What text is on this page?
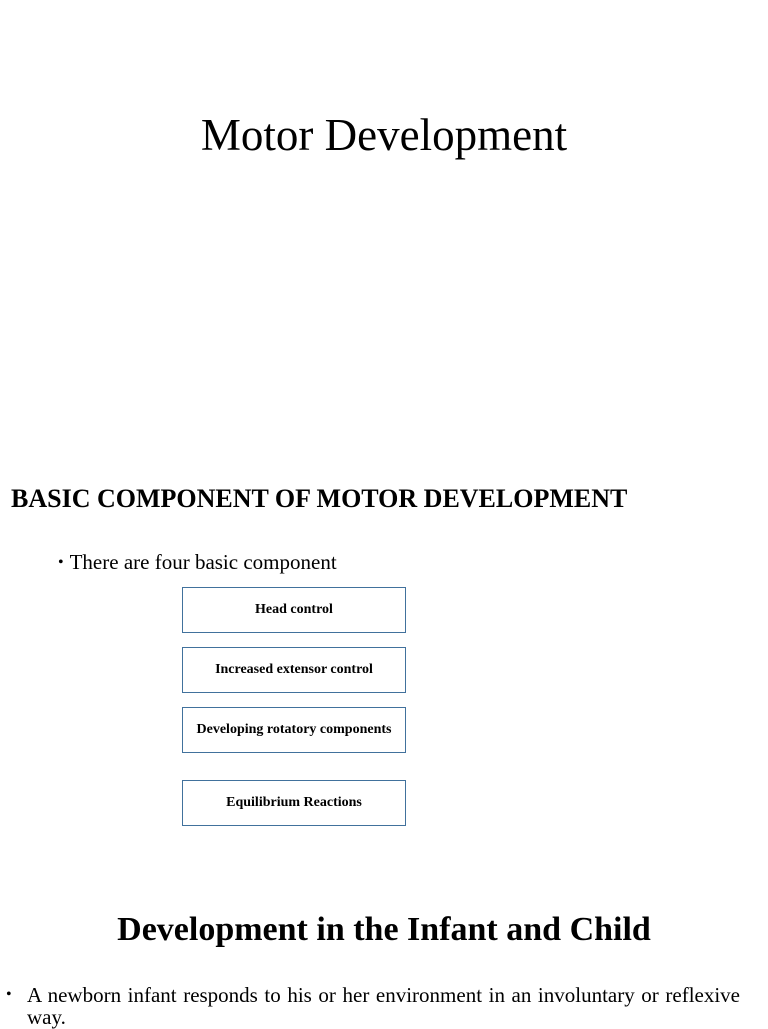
Motor Development
BASIC COMPONENT OF MOTOR DEVELOPMENT
• There are four basic component
Head control
Increased extensor control
Developing rotatory components
Equilibrium Reactions
Development in the Infant and Child
• A newborn infant responds to his or her environment in an involuntary or reflexive way.
